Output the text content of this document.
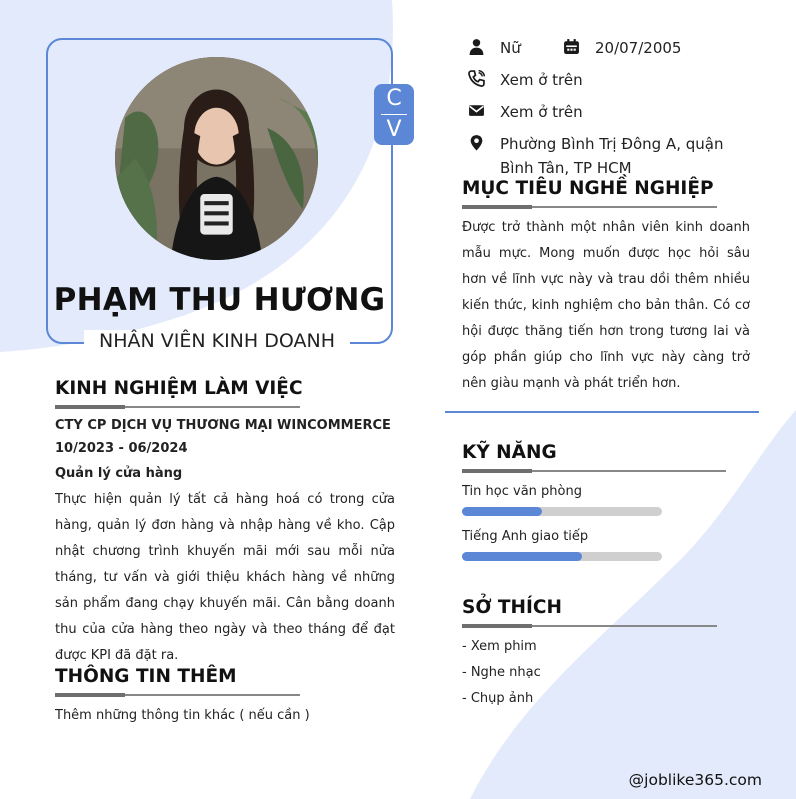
C
V
PHẠM THU HƯƠNG
NHÂN VIÊN KINH DOANH
Nữ	20/07/2005
Xem ở trên
Xem ở trên
Phường Bình Trị Đông A, quận
Bình Tân, TP HCM
MỤC TIÊU NGHỀ NGHIỆP
Được trở thành một nhân viên kinh doanh mẫu mực. Mong muốn được học hỏi sâu hơn về lĩnh vực này và trau dồi thêm nhiều kiến thức, kinh nghiệm cho bản thân. Có cơ hội được thăng tiến hơn trong tương lai và góp phần giúp cho lĩnh vực này càng trở nên giàu mạnh và phát triển hơn.
KINH NGHIỆM LÀM VIỆC
CTY CP DỊCH VỤ THƯƠNG MẠI WINCOMMERCE
10/2023 - 06/2024
Quản lý cửa hàng
Thực hiện quản lý tất cả hàng hoá có trong cửa hàng, quản lý đơn hàng và nhập hàng về kho. Cập nhật chương trình khuyến mãi mới sau mỗi nửa tháng, tư vấn và giới thiệu khách hàng về những sản phẩm đang chạy khuyến mãi. Cân bằng doanh thu của cửa hàng theo ngày và theo tháng để đạt được KPI đã đặt ra.
THÔNG TIN THÊM
Thêm những thông tin khác ( nếu cần )
KỸ NĂNG
Tin học văn phòng
Tiếng Anh giao tiếp
SỞ THÍCH
- Xem phim
- Nghe nhạc
- Chụp ảnh
@joblike365.com
